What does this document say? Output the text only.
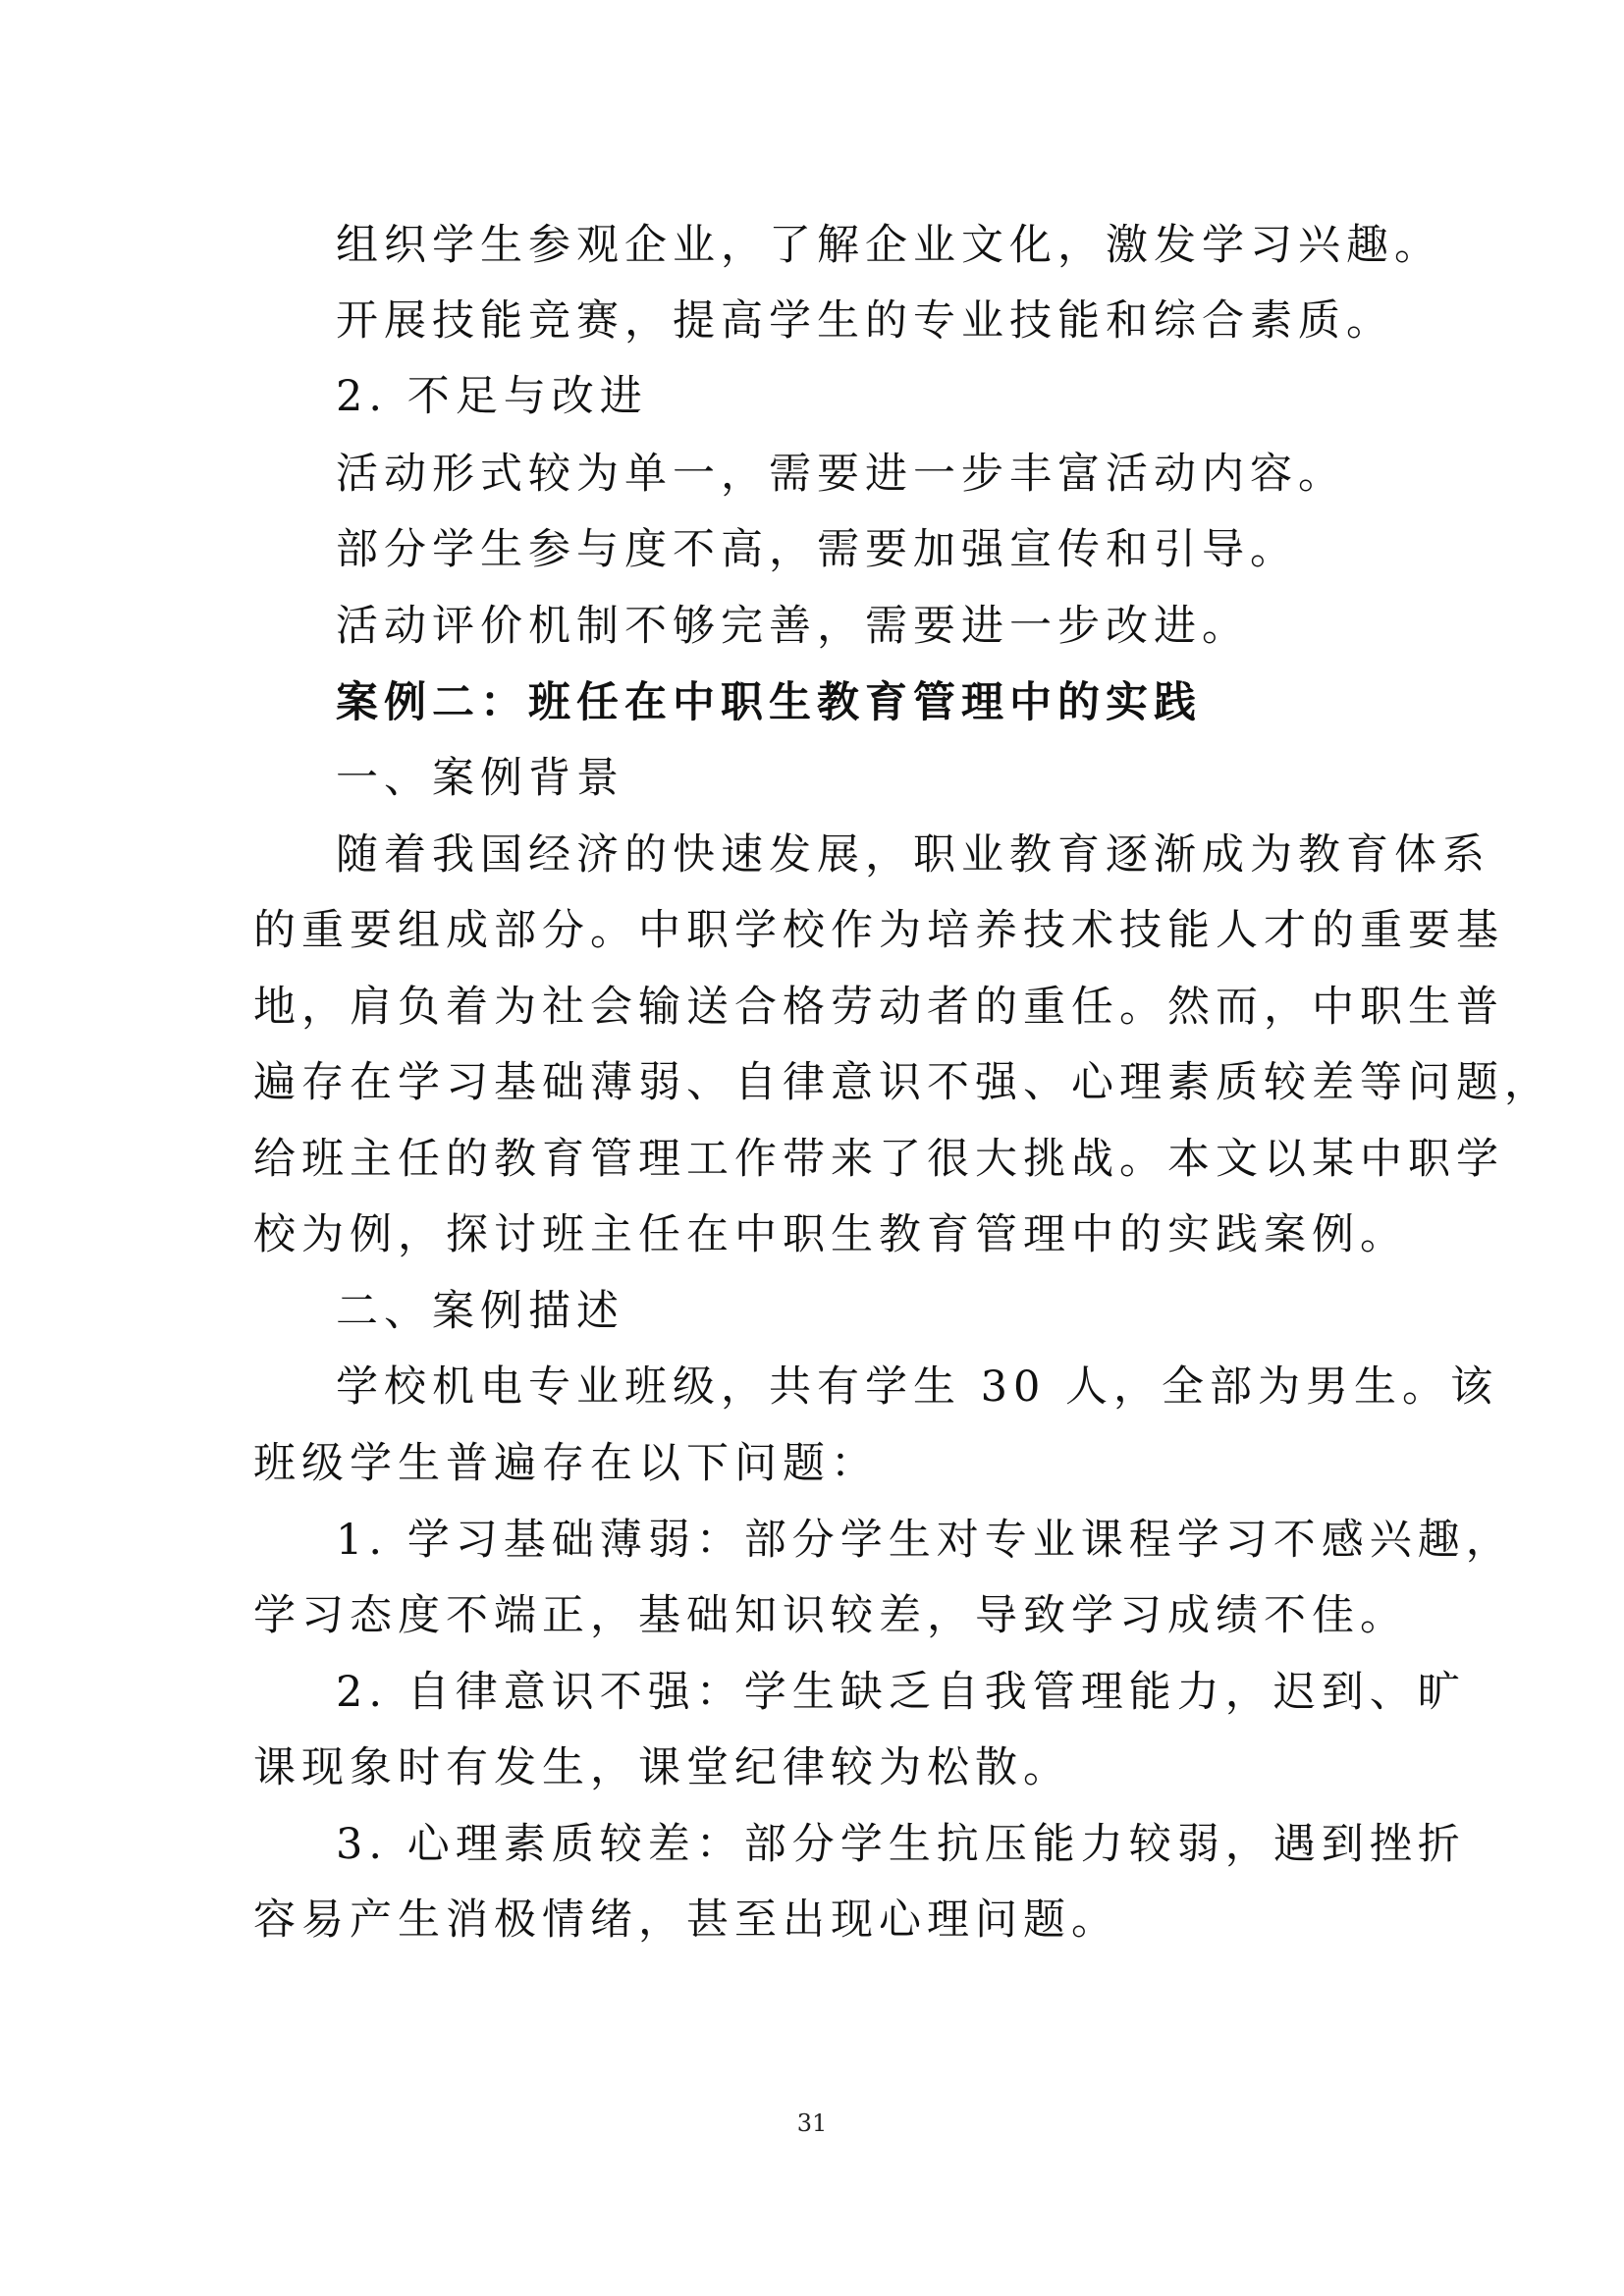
组织学生参观企业，了解企业文化，激发学习兴趣。

开展技能竞赛，提高学生的专业技能和综合素质。

2. 不足与改进

活动形式较为单一，需要进一步丰富活动内容。

部分学生参与度不高，需要加强宣传和引导。

活动评价机制不够完善，需要进一步改进。

案例二：班任在中职生教育管理中的实践

一、案例背景

随着我国经济的快速发展，职业教育逐渐成为教育体系

的重要组成部分。中职学校作为培养技术技能人才的重要基

地，肩负着为社会输送合格劳动者的重任。然而，中职生普

遍存在学习基础薄弱、自律意识不强、心理素质较差等问题，

给班主任的教育管理工作带来了很大挑战。本文以某中职学

校为例，探讨班主任在中职生教育管理中的实践案例。

二、案例描述

学校机电专业班级，共有学生 30 人，全部为男生。该

班级学生普遍存在以下问题：

1. 学习基础薄弱：部分学生对专业课程学习不感兴趣，

学习态度不端正，基础知识较差，导致学习成绩不佳。

2. 自律意识不强：学生缺乏自我管理能力，迟到、旷

课现象时有发生，课堂纪律较为松散。

3. 心理素质较差：部分学生抗压能力较弱，遇到挫折

容易产生消极情绪，甚至出现心理问题。

31
